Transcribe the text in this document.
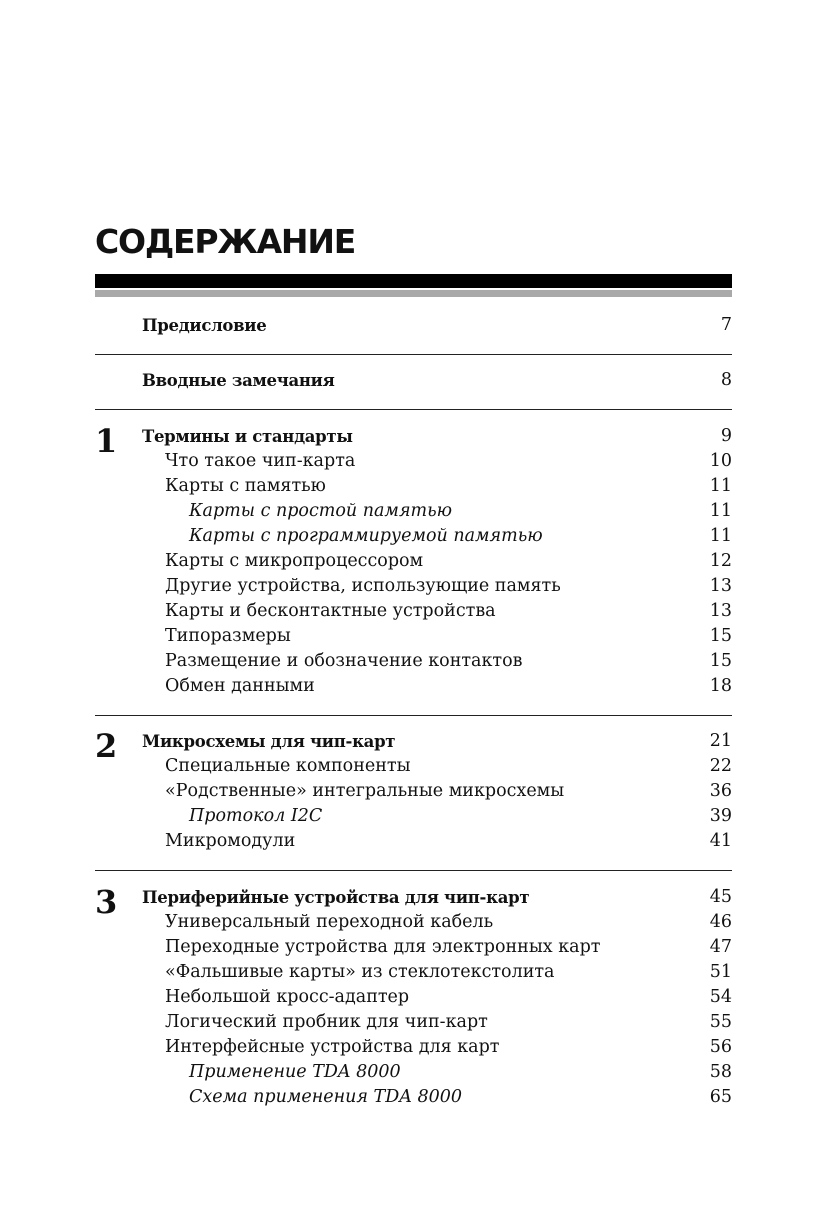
СОДЕРЖАНИЕ
Предисловие	7
Вводные замечания	8
1 Термины и стандарты	9
Что такое чип-карта	10
Карты с памятью	11
Карты с простой памятью	11
Карты с программируемой памятью	11
Карты с микропроцессором	12
Другие устройства, использующие память	13
Карты и бесконтактные устройства	13
Типоразмеры	15
Размещение и обозначение контактов	15
Обмен данными	18
2 Микросхемы для чип-карт	21
Специальные компоненты	22
«Родственные» интегральные микросхемы	36
Протокол I2C	39
Микромодули	41
3 Периферийные устройства для чип-карт	45
Универсальный переходной кабель	46
Переходные устройства для электронных карт	47
«Фальшивые карты» из стеклотекстолита	51
Небольшой кросс-адаптер	54
Логический пробник для чип-карт	55
Интерфейсные устройства для карт	56
Применение TDA 8000	58
Схема применения TDA 8000	65
